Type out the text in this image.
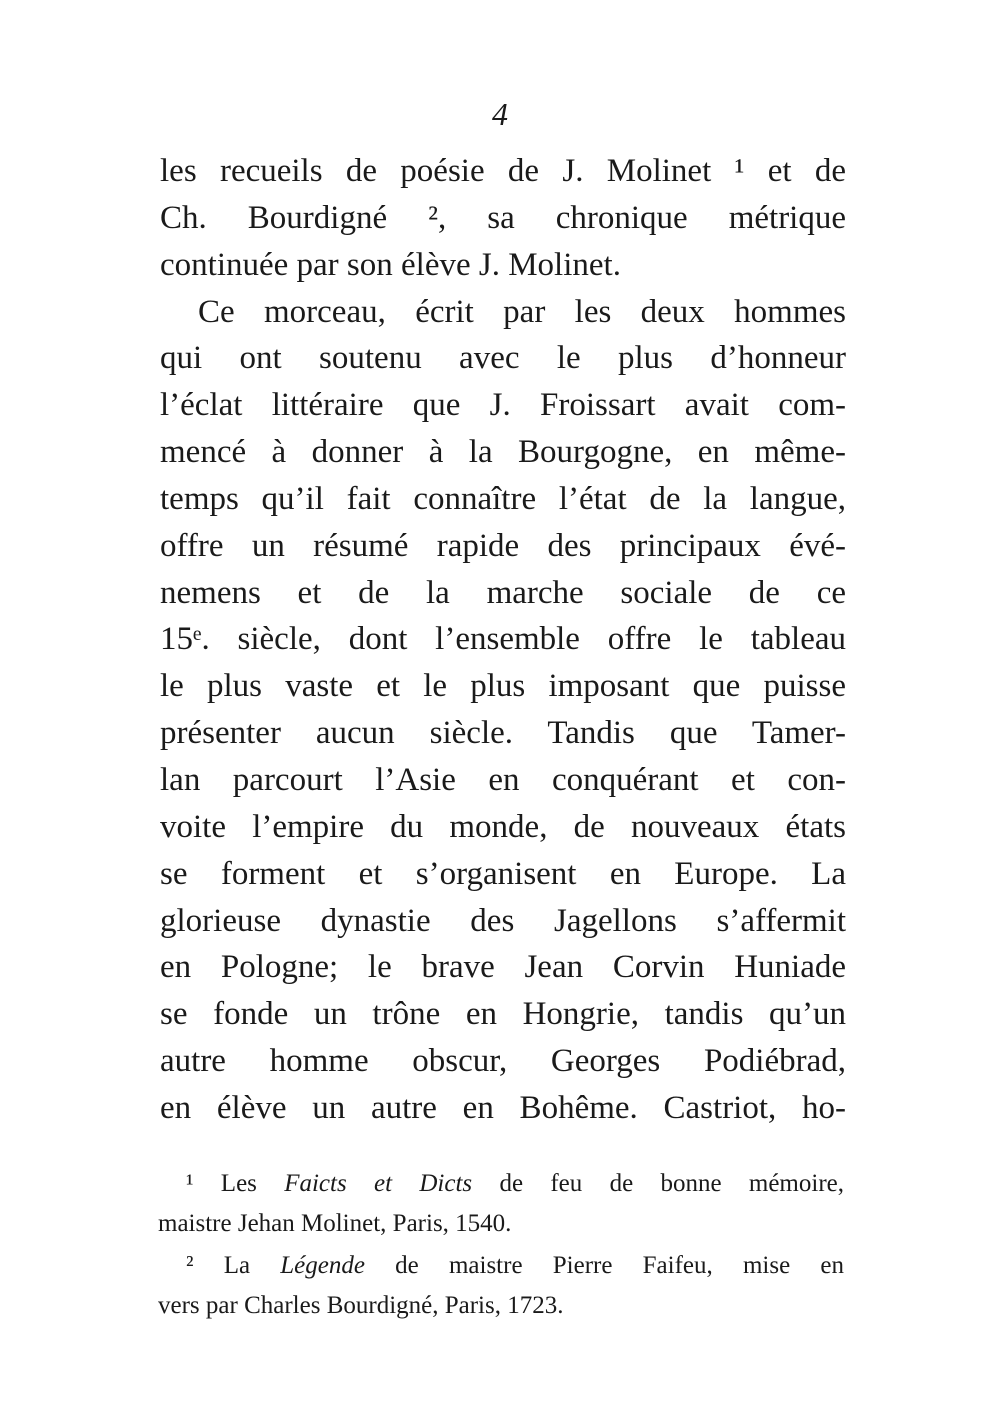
4
les recueils de poésie de J. Molinet ¹ et de
Ch. Bourdigné ², sa chronique métrique
continuée par son élève J. Molinet.
Ce morceau, écrit par les deux hommes
qui ont soutenu avec le plus d’honneur
l’éclat littéraire que J. Froissart avait com-
mencé à donner à la Bourgogne, en même-
temps qu’il fait connaître l’état de la langue,
offre un résumé rapide des principaux évé-
nemens et de la marche sociale de ce
15ᵉ. siècle, dont l’ensemble offre le tableau
le plus vaste et le plus imposant que puisse
présenter aucun siècle. Tandis que Tamer-
lan parcourt l’Asie en conquérant et con-
voite l’empire du monde, de nouveaux états
se forment et s’organisent en Europe. La
glorieuse dynastie des Jagellons s’affermit
en Pologne; le brave Jean Corvin Huniade
se fonde un trône en Hongrie, tandis qu’un
autre homme obscur, Georges Podiébrad,
en élève un autre en Bohême. Castriot, ho-
¹ Les Faicts et Dicts de feu de bonne mémoire,
maistre Jehan Molinet, Paris, 1540.
² La Légende de maistre Pierre Faifeu, mise en
vers par Charles Bourdigné, Paris, 1723.
